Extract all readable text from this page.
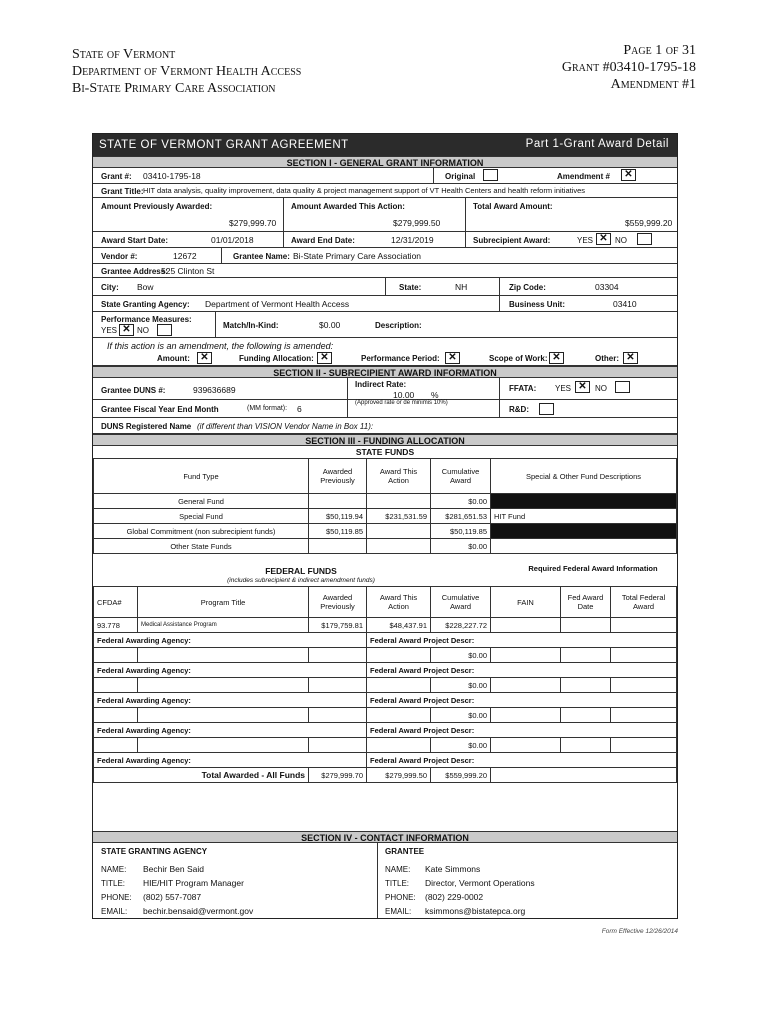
State of Vermont
Department of Vermont Health Access
Bi-State Primary Care Association
Page 1 of 31
Grant #03410-1795-18
Amendment #1
STATE OF VERMONT GRANT AGREEMENT	Part 1-Grant Award Detail
SECTION I - GENERAL GRANT INFORMATION
Grant #: 03410-1795-18	Original	Amendment #	✕
Grant Title: HIT data analysis, quality improvement, data quality & project management support of VT Health Centers and health reform initiatives
Amount Previously Awarded:
$279,999.70
Amount Awarded This Action:
$279,999.50
Total Award Amount:
$559,999.20
Award Start Date:	01/01/2018	Award End Date:	12/31/2019	Subrecipient Award:	YES ✕ NO
Vendor #:	12672	Grantee Name: Bi-State Primary Care Association
Grantee Address:
525 Clinton St
City: Bow	State:	NH	Zip Code:	03304
State Granting Agency: Department of Vermont Health Access	Business Unit:	03410
Performance Measures:
YES ✕ NO
Match/In-Kind:	$0.00	Description:
If this action is an amendment, the following is amended:
Amount:	✕	Funding Allocation: ✕	Performance Period: ✕	Scope of Work: ✕	Other: ✕
SECTION II - SUBRECIPIENT AWARD INFORMATION
Grantee DUNS #:	939636689
Indirect Rate:
10.00 %
FFATA: YES ✕	NO
Grantee Fiscal Year End Month	(MM format): 6
(Approved rate or de minimis 10%)
R&D:
DUNS Registered Name (if different than VISION Vendor Name in Box 11):
SECTION III - FUNDING ALLOCATION
STATE FUNDS
Fund Type	Awarded Previously	Award This Action	Cumulative Award	Special & Other Fund Descriptions
General Fund			$0.00	
Special Fund	$50,119.94	$231,531.59	$281,651.53	HIT Fund
Global Commitment (non subrecipient funds)	$50,119.85		$50,119.85	
Other State Funds			$0.00	
FEDERAL FUNDS
(includes subrecipient & indirect amendment funds)
Required Federal Award Information
CFDA#	Program Title	Awarded Previously	Award This Action	Cumulative Award	FAIN	Fed Award Date	Total Federal Award
93.778	Medical Assistance Program	$179,759.81	$48,437.91	$228,227.72			
Federal Awarding Agency:			Federal Award Project Descr:				
				$0.00			
Federal Awarding Agency:			Federal Award Project Descr:				
				$0.00			
Federal Awarding Agency:			Federal Award Project Descr:				
				$0.00			
Federal Awarding Agency:			Federal Award Project Descr:				
				$0.00			
Federal Awarding Agency:			Federal Award Project Descr:				
Total Awarded - All Funds		$279,999.70	$279,999.50	$559,999.20			
SECTION IV - CONTACT INFORMATION
STATE GRANTING AGENCY
NAME: Bechir Ben Said
TITLE: HIE/HIT Program Manager
PHONE: (802) 557-7087
EMAIL: bechir.bensaid@vermont.gov
GRANTEE
NAME: Kate Simmons
TITLE: Director, Vermont Operations
PHONE: (802) 229-0002
EMAIL: ksimmons@bistatepca.org
Form Effective 12/26/2014
